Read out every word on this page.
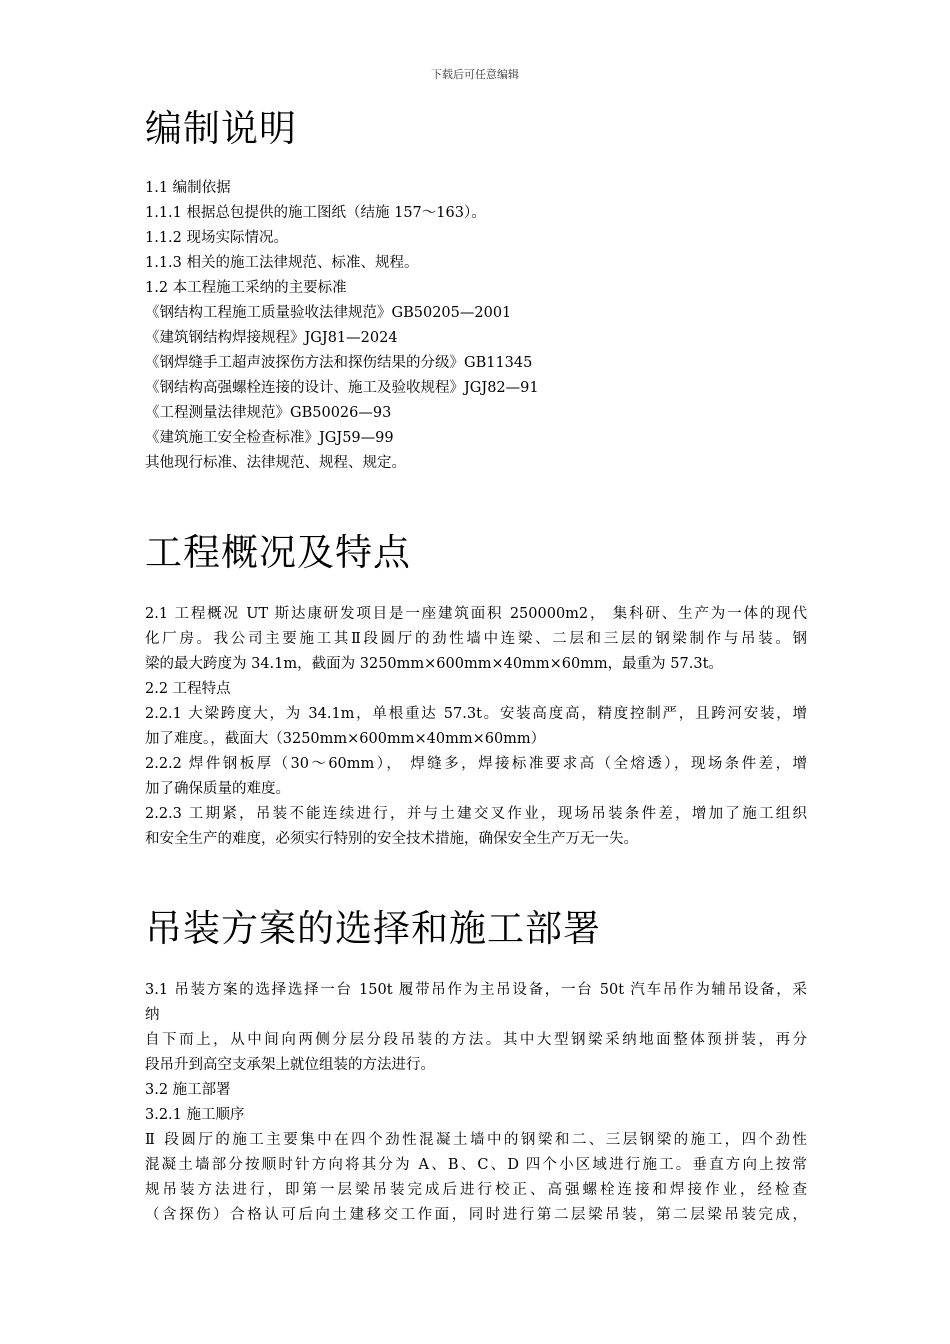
下载后可任意编辑
编制说明

1.1 编制依据

1.1.1 根据总包提供的施工图纸（结施 157～163）。

1.1.2 现场实际情况。

1.1.3 相关的施工法律规范、标准、规程。

1.2 本工程施工采纳的主要标准

《钢结构工程施工质量验收法律规范》GB50205—2001

《建筑钢结构焊接规程》JGJ81—2024

《钢焊缝手工超声波探伤方法和探伤结果的分级》GB11345

《钢结构高强螺栓连接的设计、施工及验收规程》JGJ82—91

《工程测量法律规范》GB50026—93

《建筑施工安全检查标准》JGJ59—99

其他现行标准、法律规范、规程、规定。

工程概况及特点
2.1 工程概况 UT 斯达康研发项目是一座建筑面积 250000m2， 集科研、生产为一体的现代
化厂房。我公司主要施工其Ⅱ段圆厅的劲性墙中连梁、二层和三层的钢梁制作与吊装。钢
梁的最大跨度为 34.1m，截面为 3250mm×600mm×40mm×60mm，最重为 57.3t。

2.2 工程特点

2.2.1 大梁跨度大，为 34.1m，单根重达 57.3t。安装高度高，精度控制严，且跨河安装，增
加了难度。，截面大（3250mm×600mm×40mm×60mm）
2.2.2 焊件钢板厚（30～60mm）， 焊缝多，焊接标准要求高（全熔透），现场条件差，增
加了确保质量的难度。
2.2.3 工期紧，吊装不能连续进行，并与土建交叉作业，现场吊装条件差，增加了施工组织
和安全生产的难度，必须实行特别的安全技术措施，确保安全生产万无一失。
吊装方案的选择和施工部署
3.1 吊装方案的选择选择一台 150t 履带吊作为主吊设备，一台 50t 汽车吊作为辅吊设备，采
纳
自下而上，从中间向两侧分层分段吊装的方法。其中大型钢梁采纳地面整体预拼装，再分
段吊升到高空支承架上就位组装的方法进行。

3.2 施工部署

3.2.1 施工顺序

Ⅱ 段圆厅的施工主要集中在四个劲性混凝土墙中的钢梁和二、三层钢梁的施工，四个劲性
混凝土墙部分按顺时针方向将其分为 A、B、C、D 四个小区域进行施工。垂直方向上按常
规吊装方法进行，即第一层梁吊装完成后进行校正、高强螺栓连接和焊接作业，经检查
（含探伤）合格认可后向土建移交工作面，同时进行第二层梁吊装，第二层梁吊装完成，
